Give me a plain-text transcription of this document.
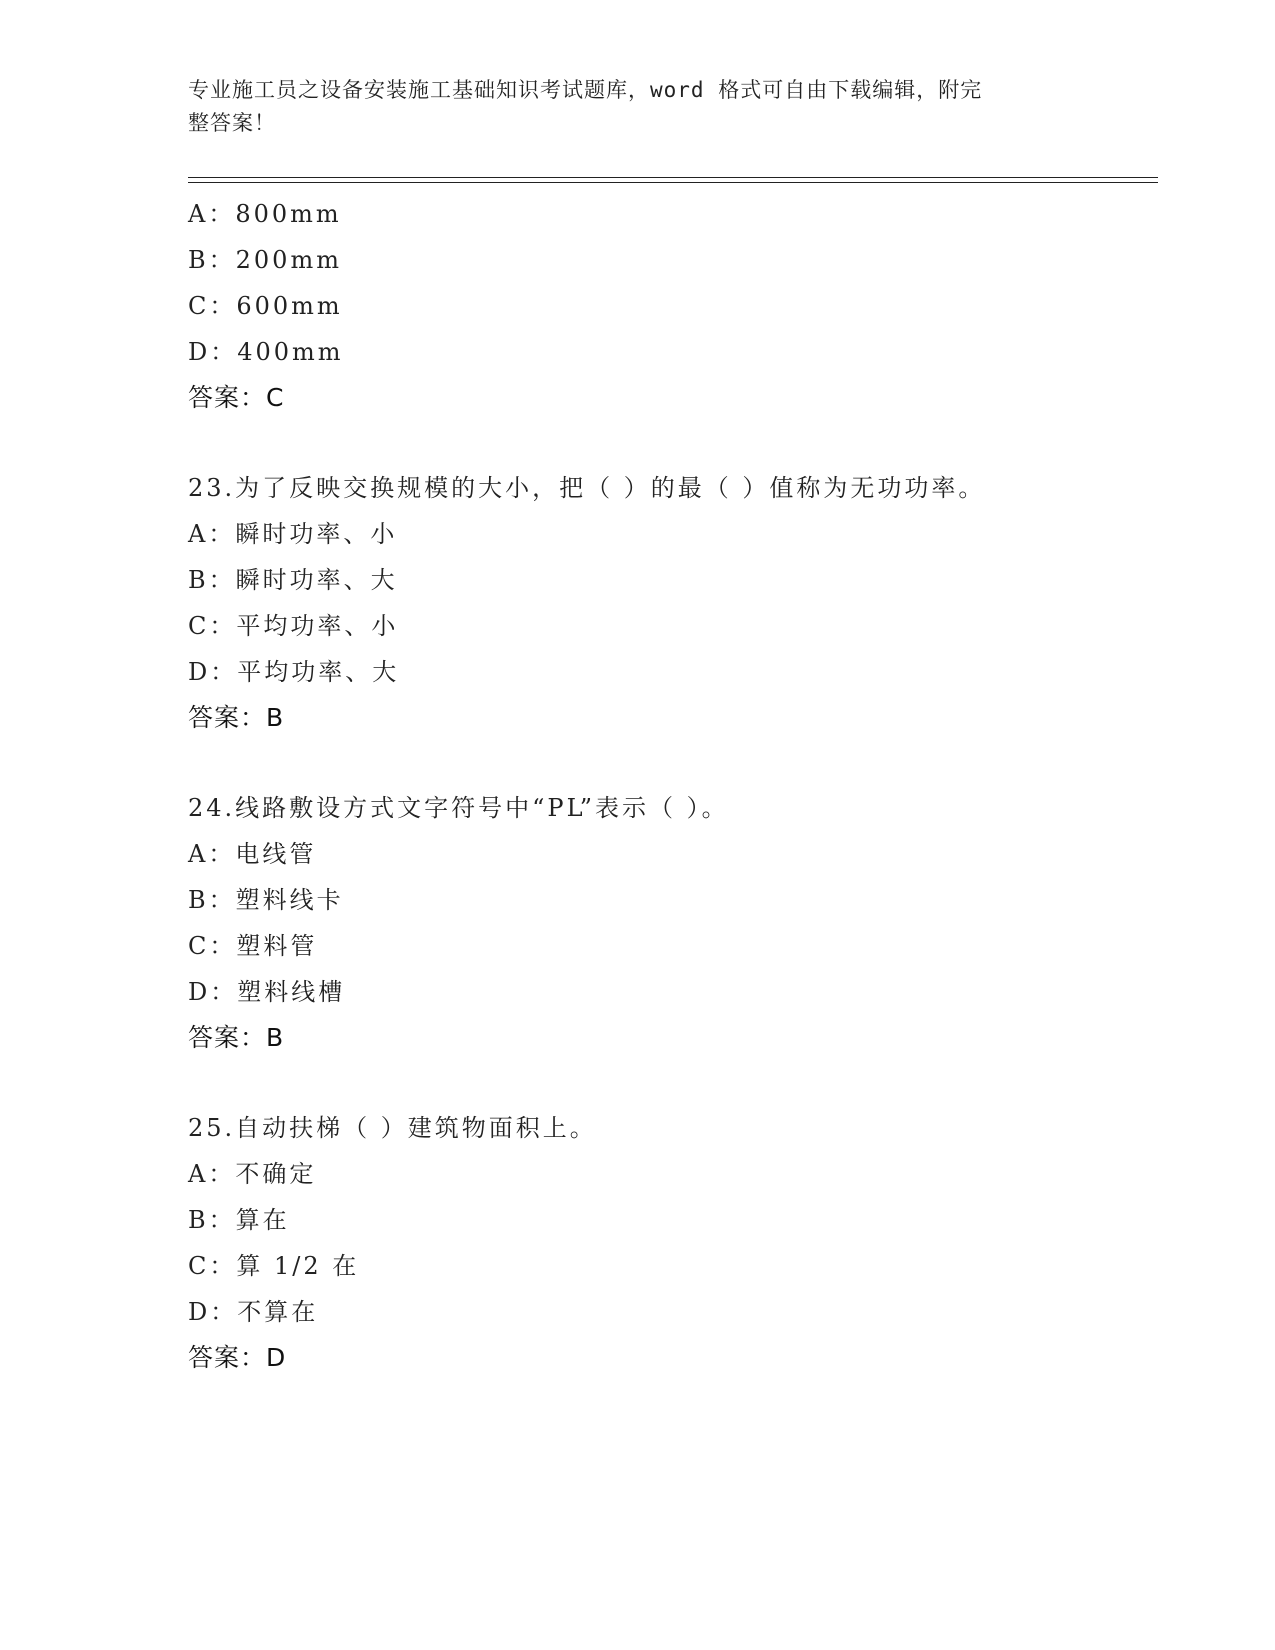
专业施工员之设备安装施工基础知识考试题库，word 格式可自由下载编辑，附完
整答案！
A：800mm
B：200mm
C：600mm
D：400mm
答案：C
23.为了反映交换规模的大小，把（ ）的最（ ）值称为无功功率。
A：瞬时功率、小
B：瞬时功率、大
C：平均功率、小
D：平均功率、大
答案：B
24.线路敷设方式文字符号中“PL”表示（ ）。
A：电线管
B：塑料线卡
C：塑料管
D：塑料线槽
答案：B
25.自动扶梯（ ）建筑物面积上。
A：不确定
B：算在
C：算 1/2 在
D：不算在
答案：D
